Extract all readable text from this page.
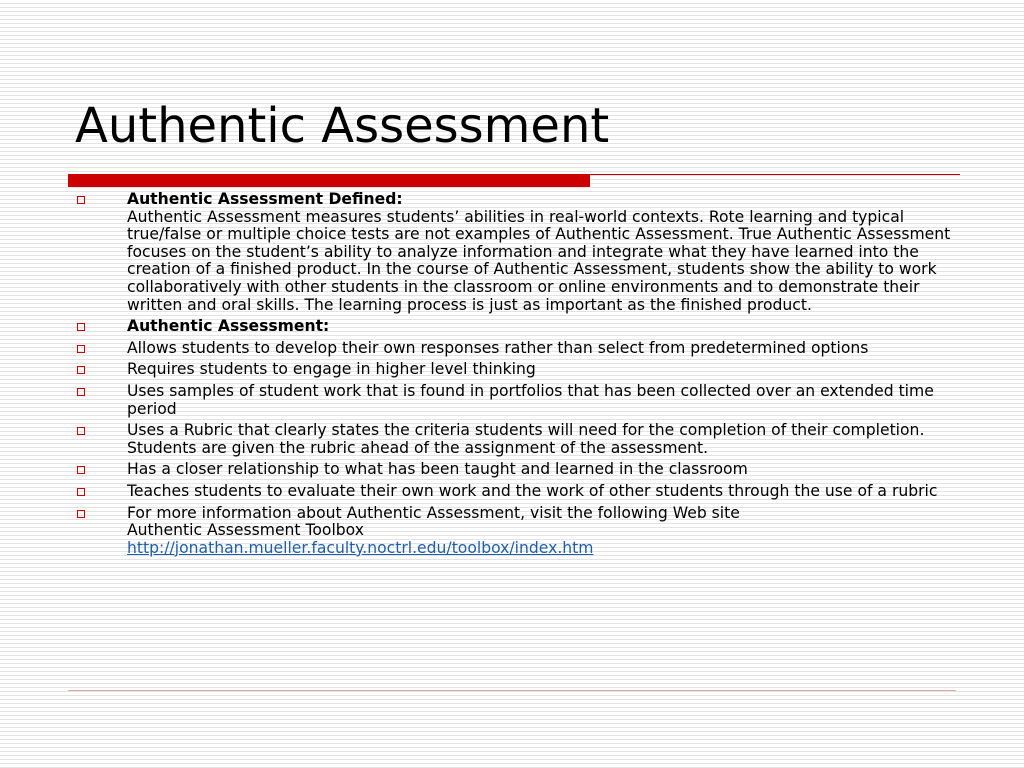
Authentic Assessment
Authentic Assessment Defined:
Authentic Assessment measures students’ abilities in real-world contexts. Rote learning and typical true/false or multiple choice tests are not examples of Authentic Assessment. True Authentic Assessment focuses on the student’s ability to analyze information and integrate what they have learned into the creation of a finished product. In the course of Authentic Assessment, students show the ability to work collaboratively with other students in the classroom or online environments and to demonstrate their written and oral skills. The learning process is just as important as the finished product.
Authentic Assessment:
Allows students to develop their own responses rather than select from predetermined options
Requires students to engage in higher level thinking
Uses samples of student work that is found in portfolios that has been collected over an extended time period
Uses a Rubric that clearly states the criteria students will need for the completion of their completion. Students are given the rubric ahead of the assignment of the assessment.
Has a closer relationship to what has been taught and learned in the classroom
Teaches students to evaluate their own work and the work of other students through the use of a rubric
For more information about Authentic Assessment, visit the following Web site
Authentic Assessment Toolbox
http://jonathan.mueller.faculty.noctrl.edu/toolbox/index.htm
